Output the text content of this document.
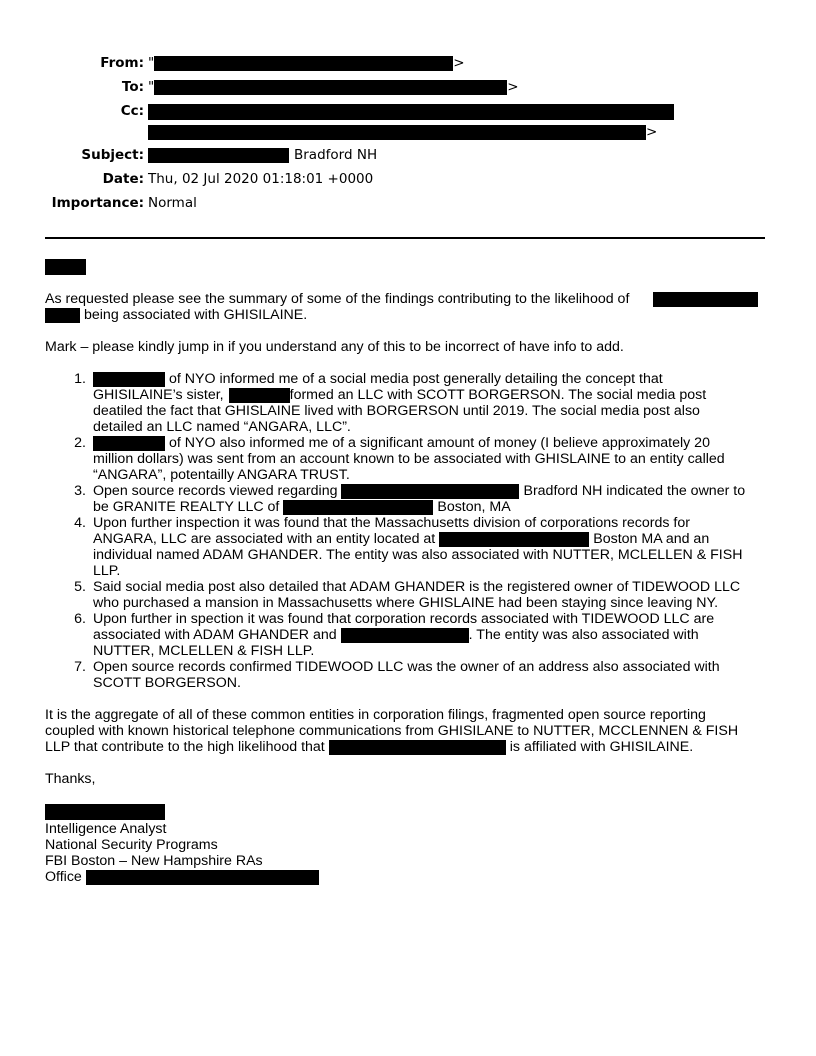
From: "	>
To: "	>
Cc:
>
Subject:	Bradford NH
Date: Thu, 02 Jul 2020 01:18:01 +0000
Importance: Normal
As requested please see the summary of some of the findings contributing to the likelihood of
being associated with GHISILAINE.
Mark – please kindly jump in if you understand any of this to be incorrect of have info to add.
1.	of NYO informed me of a social media post generally detailing the concept that
GHISILAINE’s sister,	formed an LLC with SCOTT BORGERSON. The social media post
deatiled the fact that GHISLAINE lived with BORGERSON until 2019. The social media post also
detailed an LLC named “ANGARA, LLC”.
2.	of NYO also informed me of a significant amount of money (I believe approximately 20
million dollars) was sent from an account known to be associated with GHISLAINE to an entity called
“ANGARA”, potentailly ANGARA TRUST.
3. Open source records viewed regarding	Bradford NH indicated the owner to
be GRANITE REALTY LLC of	Boston, MA
4. Upon further inspection it was found that the Massachusetts division of corporations records for
ANGARA, LLC are associated with an entity located at	Boston MA and an
individual named ADAM GHANDER. The entity was also associated with NUTTER, MCLELLEN & FISH
LLP.
5. Said social media post also detailed that ADAM GHANDER is the registered owner of TIDEWOOD LLC
who purchased a mansion in Massachusetts where GHISLAINE had been staying since leaving NY.
6. Upon further in spection it was found that corporation records associated with TIDEWOOD LLC are
associated with ADAM GHANDER and	. The entity was also associated with
NUTTER, MCLELLEN & FISH LLP.
7. Open source records confirmed TIDEWOOD LLC was the owner of an address also associated with
SCOTT BORGERSON.
It is the aggregate of all of these common entities in corporation filings, fragmented open source reporting
coupled with known historical telephone communications from GHISILANE to NUTTER, MCCLENNEN & FISH
LLP that contribute to the high likelihood that	is affiliated with GHISILAINE.
Thanks,
Intelligence Analyst
National Security Programs
FBI Boston – New Hampshire RAs
Office
